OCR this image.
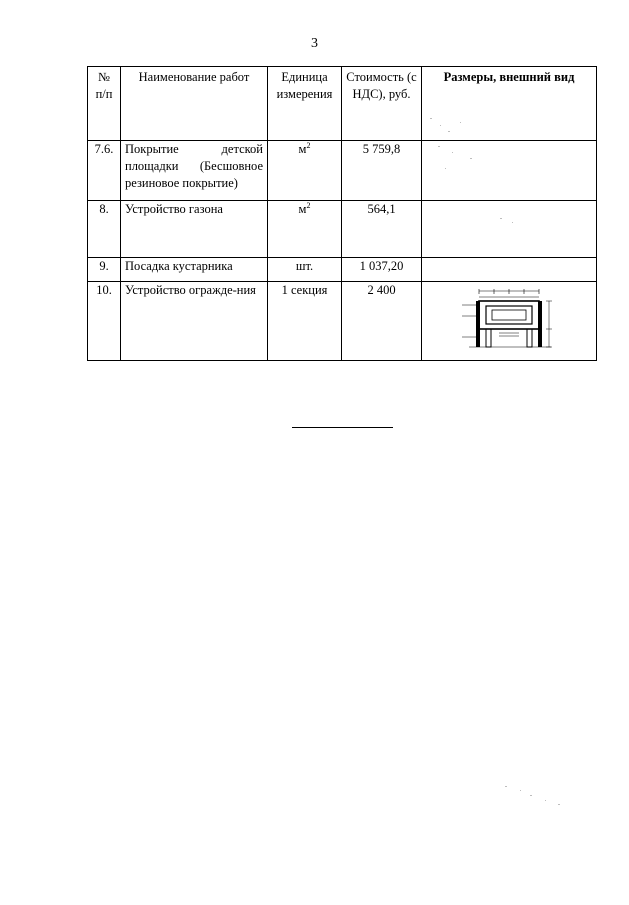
3
№ п/п	Наименование работ	Единица измерения	Стоимость (с НДС), руб.	Размеры, внешний вид
7.6.	Покрытие детской площадки (Бесшовное резиновое покрытие)	$м^2$	5 759,8	
8.	Устройство газона	$м^2$	564,1	
9.	Посадка кустарника	шт.	1 037,20	
10.	Устройство огражде-ния	1 секция	2 400	
